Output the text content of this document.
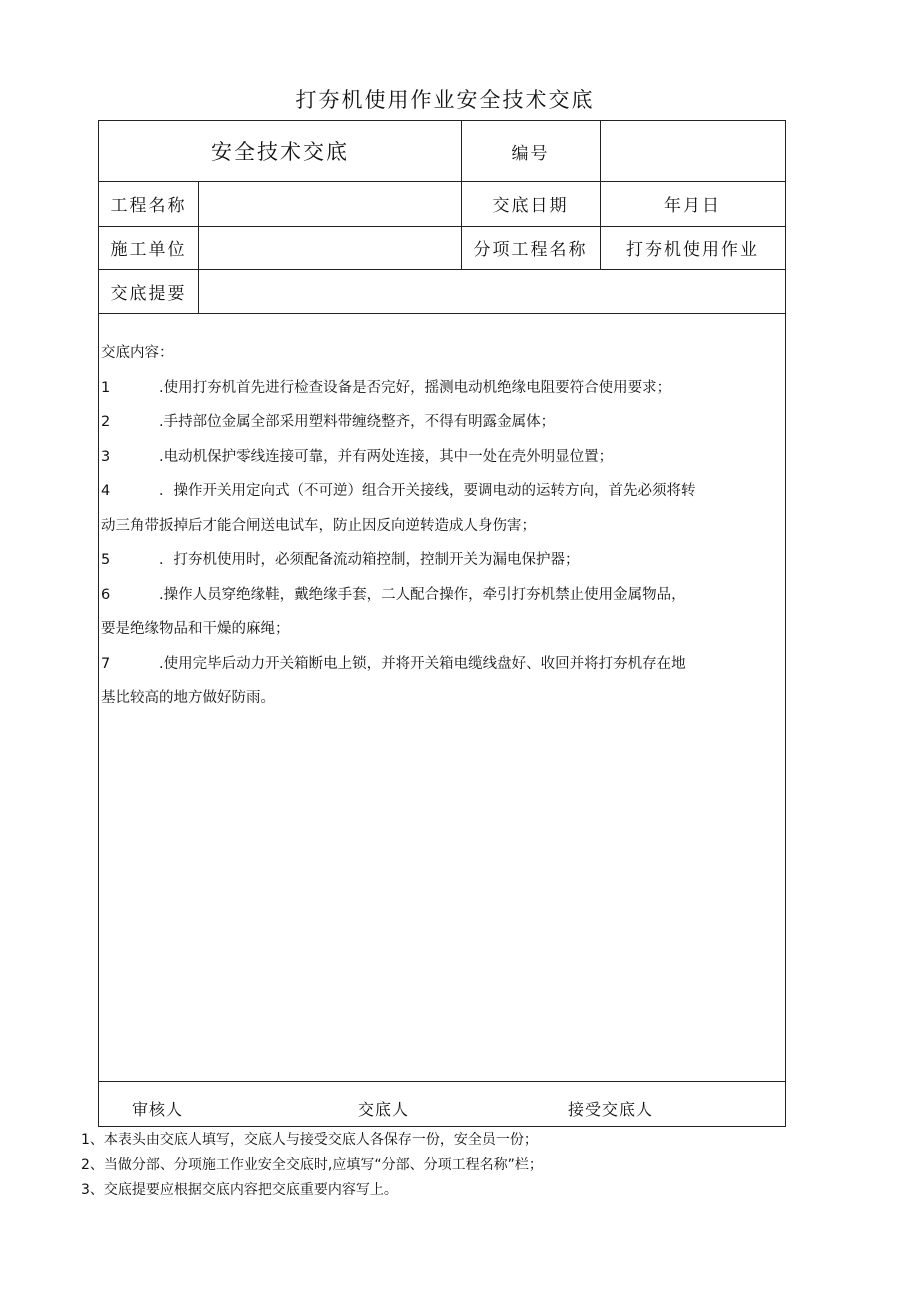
打夯机使用作业安全技术交底
安全技术交底	编号
工程名称	交底日期	年月日
施工单位	分项工程名称	打夯机使用作业
交底提要
交底内容：
1	.使用打夯机首先进行检查设备是否完好，摇测电动机绝缘电阻要符合使用要求；
2	.手持部位金属全部采用塑料带缠绕整齐，不得有明露金属体；
3	.电动机保护零线连接可靠，并有两处连接，其中一处在壳外明显位置；
4	．操作开关用定向式（不可逆）组合开关接线，要调电动的运转方向，首先必须将转
动三角带扳掉后才能合闸送电试车，防止因反向逆转造成人身伤害；
5	．打夯机使用时，必须配备流动箱控制，控制开关为漏电保护器；
6	.操作人员穿绝缘鞋，戴绝缘手套，二人配合操作，牵引打夯机禁止使用金属物品，
要是绝缘物品和干燥的麻绳；
7	.使用完毕后动力开关箱断电上锁，并将开关箱电缆线盘好、收回并将打夯机存在地
基比较高的地方做好防雨。
审核人	交底人	接受交底人
1、本表头由交底人填写，交底人与接受交底人各保存一份，安全员一份；
2、当做分部、分项施工作业安全交底时,应填写“分部、分项工程名称”栏；
3、交底提要应根据交底内容把交底重要内容写上。
